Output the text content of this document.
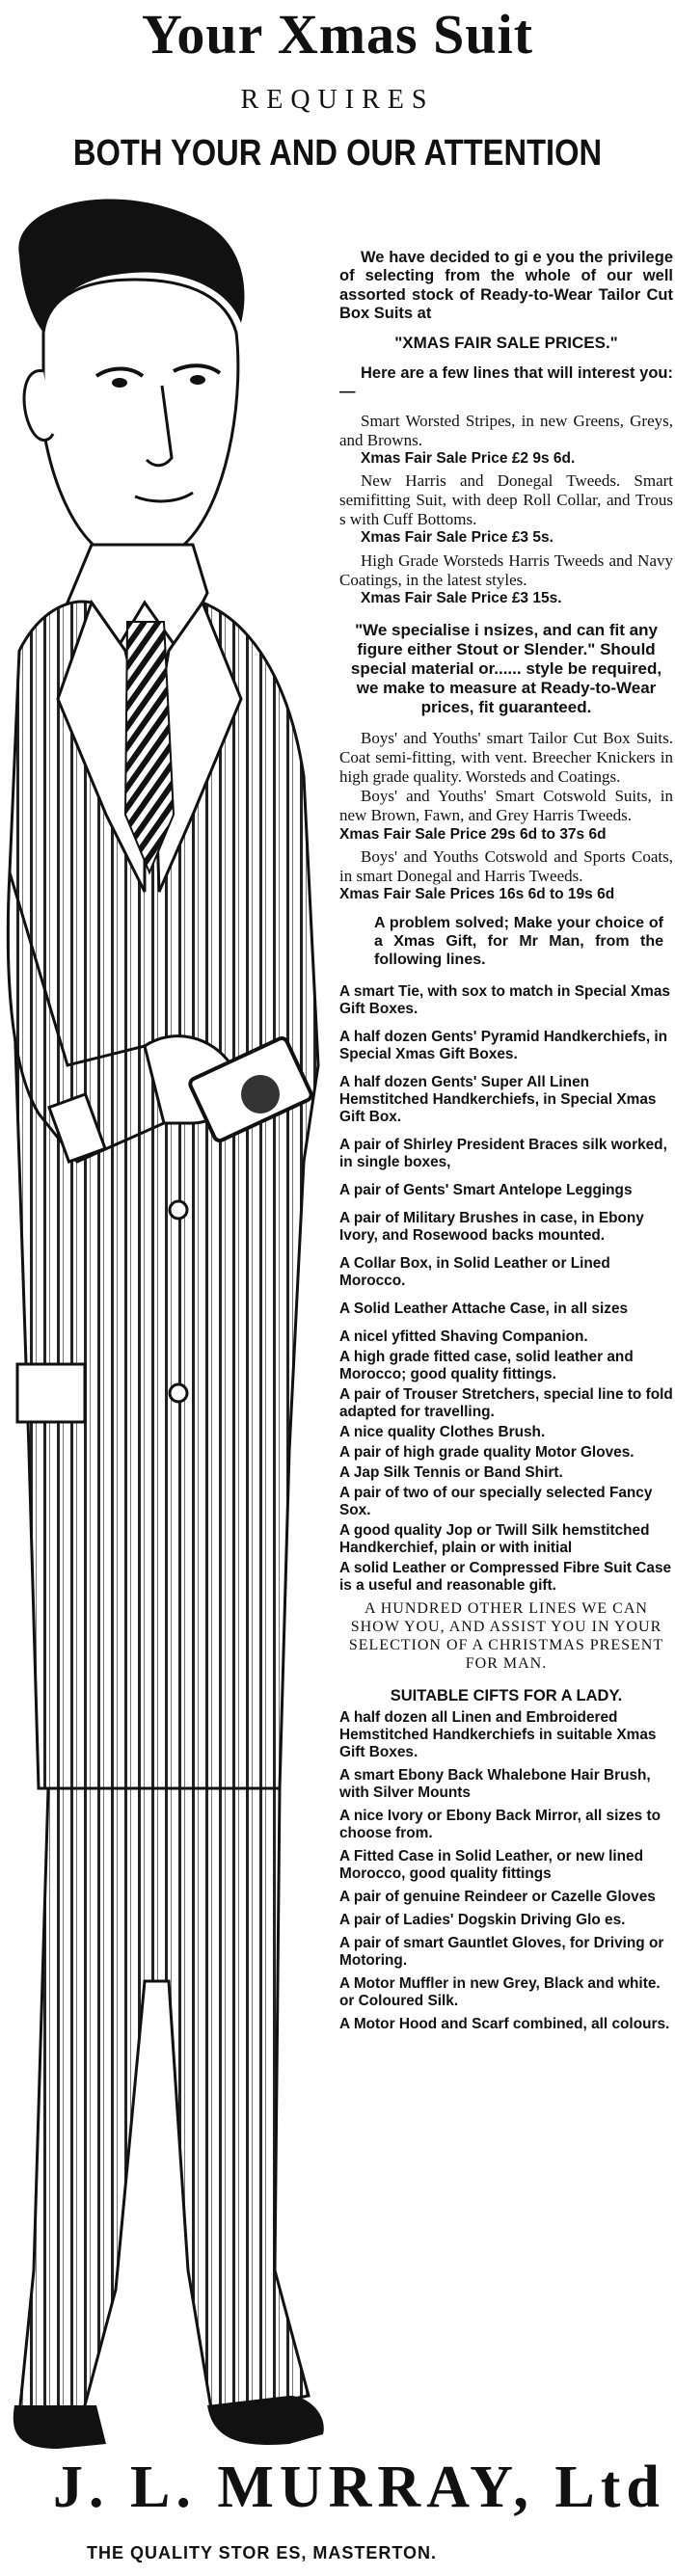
Your Xmas Suit
REQUIRES
BOTH YOUR AND OUR ATTENTION

We have decided to gi e you the privilege of selecting from the whole of our well assorted stock of Ready-to-Wear Tailor Cut Box Suits at

"XMAS FAIR SALE PRICES."

Here are a few lines that will interest you:—

Smart Worsted Stripes, in new Greens, Greys, and Browns.

Xmas Fair Sale Price £2 9s 6d.

New Harris and Donegal Tweeds. Smart semifitting Suit, with deep Roll Collar, and Trous s with Cuff Bottoms.

Xmas Fair Sale Price £3 5s.

High Grade Worsteds Harris Tweeds and Navy Coatings, in the latest styles.

Xmas Fair Sale Price £3 15s.

"We specialise i nsizes, and can fit any figure either Stout or Slender." Should special material or...... style be required, we make to measure at Ready-to-Wear prices, fit guaranteed.

Boys' and Youths' smart Tailor Cut Box Suits. Coat semi-fitting, with vent. Breecher Knickers in high grade quality. Worsteds and Coatings.

Boys' and Youths' Smart Cotswold Suits, in new Brown, Fawn, and Grey Harris Tweeds.

Xmas Fair Sale Price 29s 6d to 37s 6d

Boys' and Youths Cotswold and Sports Coats, in smart Donegal and Harris Tweeds.

Xmas Fair Sale Prices 16s 6d to 19s 6d

A problem solved; Make your choice of a Xmas Gift, for Mr Man, from the following lines.

A smart Tie, with sox to match in Special Xmas Gift Boxes.
A half dozen Gents' Pyramid Handkerchiefs, in Special Xmas Gift Boxes.
A half dozen Gents' Super All Linen Hemstitched Handkerchiefs, in Special Xmas Gift Box.
A pair of Shirley President Braces silk worked, in single boxes,
A pair of Gents' Smart Antelope Leggings
A pair of Military Brushes in case, in Ebony Ivory, and Rosewood backs mounted.
A Collar Box, in Solid Leather or Lined Morocco.
A Solid Leather Attache Case, in all sizes
A nicel yfitted Shaving Companion.
A high grade fitted case, solid leather and Morocco; good quality fittings.
A pair of Trouser Stretchers, special line to fold adapted for travelling.
A nice quality Clothes Brush.
A pair of high grade quality Motor Gloves.
A Jap Silk Tennis or Band Shirt.
A pair of two of our specially selected Fancy Sox.
A good quality Jop or Twill Silk hemstitched Handkerchief, plain or with initial
A solid Leather or Compressed Fibre Suit Case is a useful and reasonable gift.

A HUNDRED OTHER LINES WE CAN SHOW YOU, AND ASSIST YOU IN YOUR SELECTION OF A CHRISTMAS PRESENT FOR MAN.

SUITABLE CIFTS FOR A LADY.

A half dozen all Linen and Embroidered Hemstitched Handkerchiefs in suitable Xmas Gift Boxes.
A smart Ebony Back Whalebone Hair Brush, with Silver Mounts
A nice Ivory or Ebony Back Mirror, all sizes to choose from.
A Fitted Case in Solid Leather, or new lined Morocco, good quality fittings
A pair of genuine Reindeer or Cazelle Gloves
A pair of Ladies' Dogskin Driving Glo es.
A pair of smart Gauntlet Gloves, for Driving or Motoring.
A Motor Muffler in new Grey, Black and white. or Coloured Silk.
A Motor Hood and Scarf combined, all colours.
J. L. MURRAY, Ltd
THE QUALITY STOR ES, MASTERTON.
